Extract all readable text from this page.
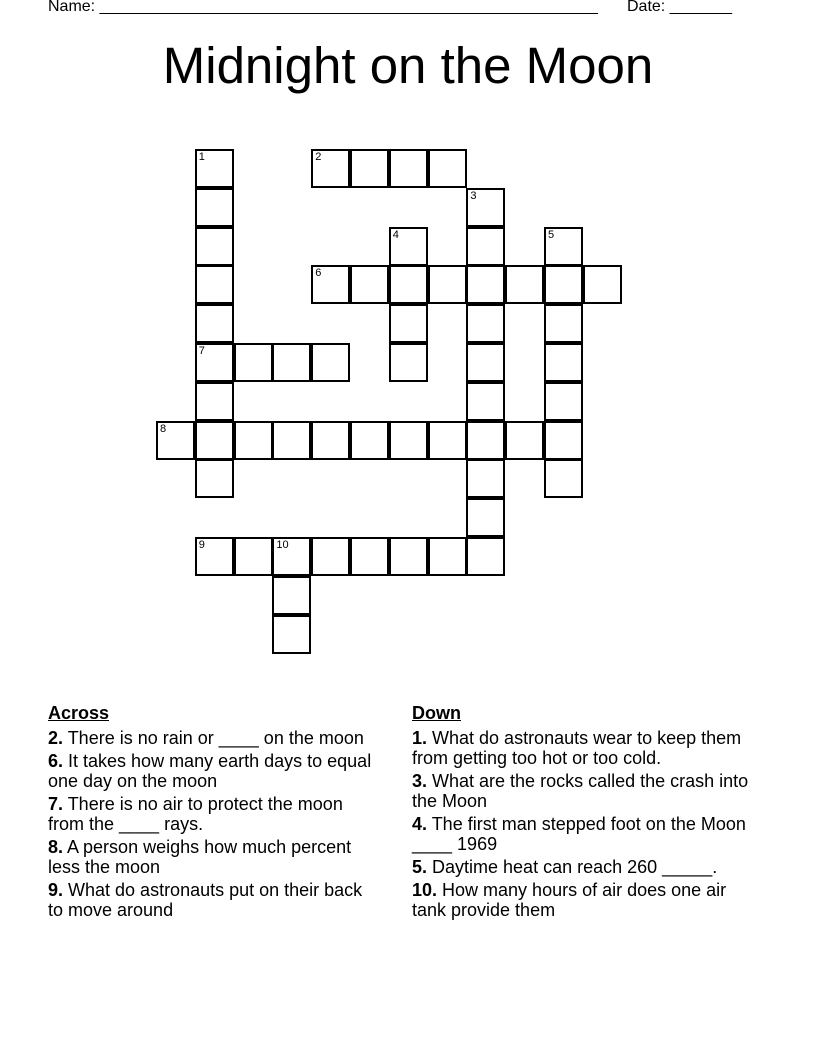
Name: ________________________________________________________ Date: _______
Midnight on the Moon
1
7
2
3
4	5
6
8
9	10
Across
2. There is no rain or ____ on the moon
6. It takes how many earth days to equal one day on the moon
7. There is no air to protect the moon from the ____ rays.
8. A person weighs how much percent less the moon
9. What do astronauts put on their back to move around
Down
1. What do astronauts wear to keep them from getting too hot or too cold.
3. What are the rocks called the crash into the Moon
4. The first man stepped foot on the Moon ____ 1969
5. Daytime heat can reach 260 _____.
10. How many hours of air does one air tank provide them
